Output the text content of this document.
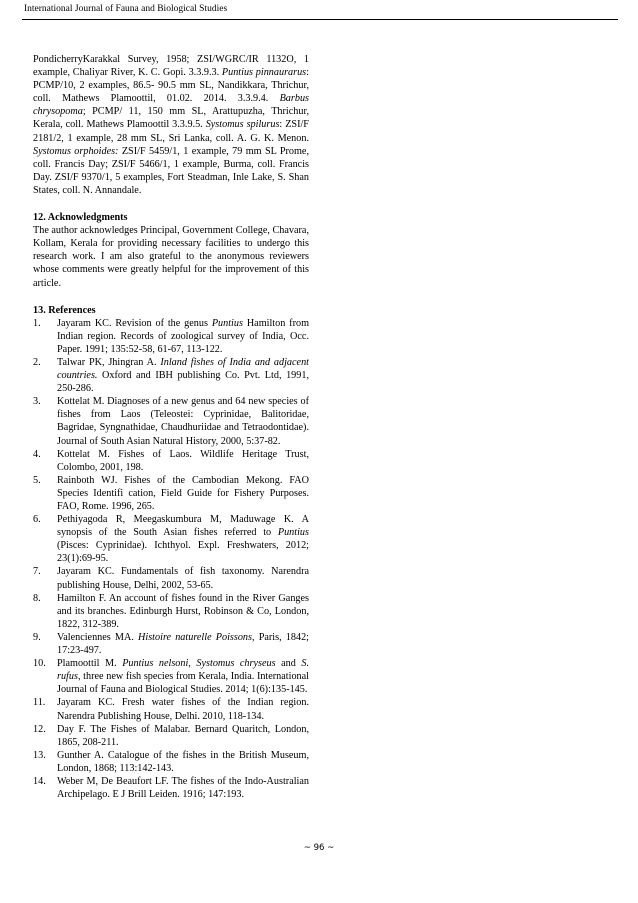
International Journal of Fauna and Biological Studies

PondicherryKarakkal Survey, 1958; ZSI/WGRC/IR 1132O, 1 example, Chaliyar River, K. C. Gopi. 3.3.9.3. Puntius pinnaurarus: PCMP/10, 2 examples, 86.5- 90.5 mm SL, Nandikkara, Thrichur, coll. Mathews Plamoottil, 01.02. 2014. 3.3.9.4. Barbus chrysopoma; PCMP/ 11, 150 mm SL, Arattupuzha, Thrichur, Kerala, coll. Mathews Plamoottil 3.3.9.5. Systomus spilurus: ZSI/F 2181/2, 1 example, 28 mm SL, Sri Lanka, coll. A. G. K. Menon. Systomus orphoides: ZSI/F 5459/1, 1 example, 79 mm SL Prome, coll. Francis Day; ZSI/F 5466/1, 1 example, Burma, coll. Francis Day. ZSI/F 9370/1, 5 examples, Fort Steadman, Inle Lake, S. Shan States, coll. N. Annandale.

12. Acknowledgments

The author acknowledges Principal, Government College, Chavara, Kollam, Kerala for providing necessary facilities to undergo this research work. I am also grateful to the anonymous reviewers whose comments were greatly helpful for the improvement of this article.

13. References

1.	Jayaram KC. Revision of the genus Puntius Hamilton from Indian region. Records of zoological survey of India, Occ. Paper. 1991; 135:52-58, 61-67, 113-122.
2.	Talwar PK, Jhingran A. Inland fishes of India and adjacent countries. Oxford and IBH publishing Co. Pvt. Ltd, 1991, 250-286.
3.	Kottelat M. Diagnoses of a new genus and 64 new species of fishes from Laos (Teleostei: Cyprinidae, Balitoridae, Bagridae, Syngnathidae, Chaudhuriidae and Tetraodontidae). Journal of South Asian Natural History, 2000, 5:37-82.
4.	Kottelat M. Fishes of Laos. Wildlife Heritage Trust, Colombo, 2001, 198.
5.	Rainboth WJ. Fishes of the Cambodian Mekong. FAO Species Identifi cation, Field Guide for Fishery Purposes. FAO, Rome. 1996, 265.
6.	Pethiyagoda R, Meegaskumbura M, Maduwage K. A synopsis of the South Asian fishes referred to Puntius (Pisces: Cyprinidae). Ichthyol. Expl. Freshwaters, 2012; 23(1):69-95.
7.	Jayaram KC. Fundamentals of fish taxonomy. Narendra publishing House, Delhi, 2002, 53-65.
8.	Hamilton F. An account of fishes found in the River Ganges and its branches. Edinburgh Hurst, Robinson & Co, London, 1822, 312-389.
9.	Valenciennes MA. Histoire naturelle Poissons, Paris, 1842; 17:23-497.
10.	Plamoottil M. Puntius nelsoni, Systomus chryseus and S. rufus, three new fish species from Kerala, India. International Journal of Fauna and Biological Studies. 2014; 1(6):135-145.
11.	Jayaram KC. Fresh water fishes of the Indian region. Narendra Publishing House, Delhi. 2010, 118-134.
12.	Day F. The Fishes of Malabar. Bernard Quaritch, London, 1865, 208-211.
13.	Gunther A. Catalogue of the fishes in the British Museum, London, 1868; 113:142-143.
14.	Weber M, De Beaufort LF. The fishes of the Indo-Australian Archipelago. E J Brill Leiden. 1916; 147:193.
~ 96 ~
